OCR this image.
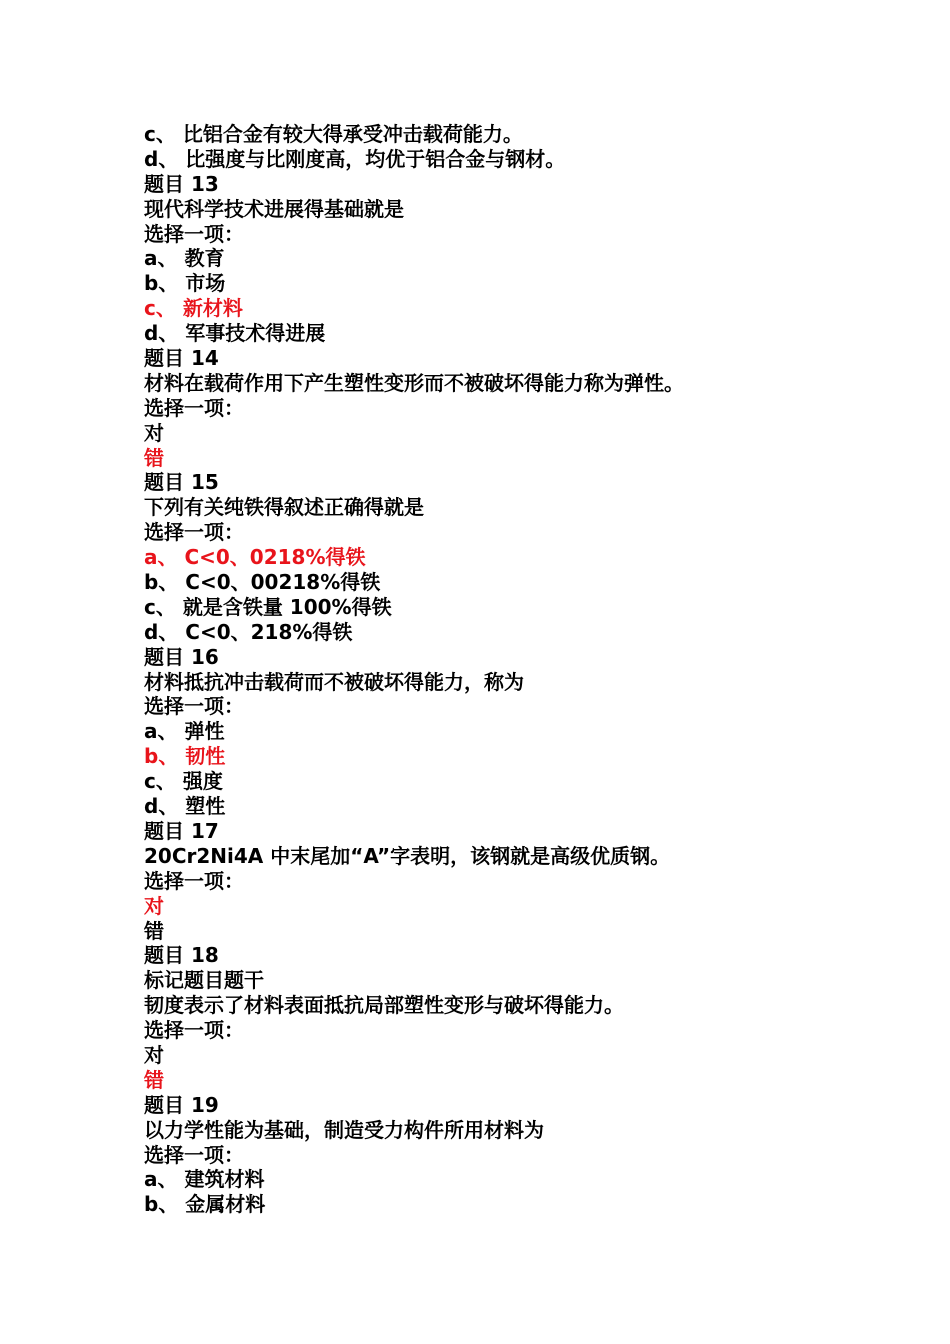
c、 比铝合金有较大得承受冲击载荷能力。
d、 比强度与比刚度高，均优于铝合金与钢材。
题目 13
现代科学技术进展得基础就是
选择一项：
a、 教育
b、 市场
c、 新材料
d、 军事技术得进展
题目 14
材料在载荷作用下产生塑性变形而不被破坏得能力称为弹性。
选择一项：
对
错
题目 15
下列有关纯铁得叙述正确得就是
选择一项：
a、 C<0、0218%得铁
b、 C<0、00218%得铁
c、 就是含铁量 100%得铁
d、 C<0、218%得铁
题目 16
材料抵抗冲击载荷而不被破坏得能力，称为
选择一项：
a、 弹性
b、 韧性
c、 强度
d、 塑性
题目 17
20Cr2Ni4A 中末尾加“A”字表明，该钢就是高级优质钢。
选择一项：
对
错
题目 18
标记题目题干
韧度表示了材料表面抵抗局部塑性变形与破坏得能力。
选择一项：
对
错
题目 19
以力学性能为基础，制造受力构件所用材料为
选择一项：
a、 建筑材料
b、 金属材料
